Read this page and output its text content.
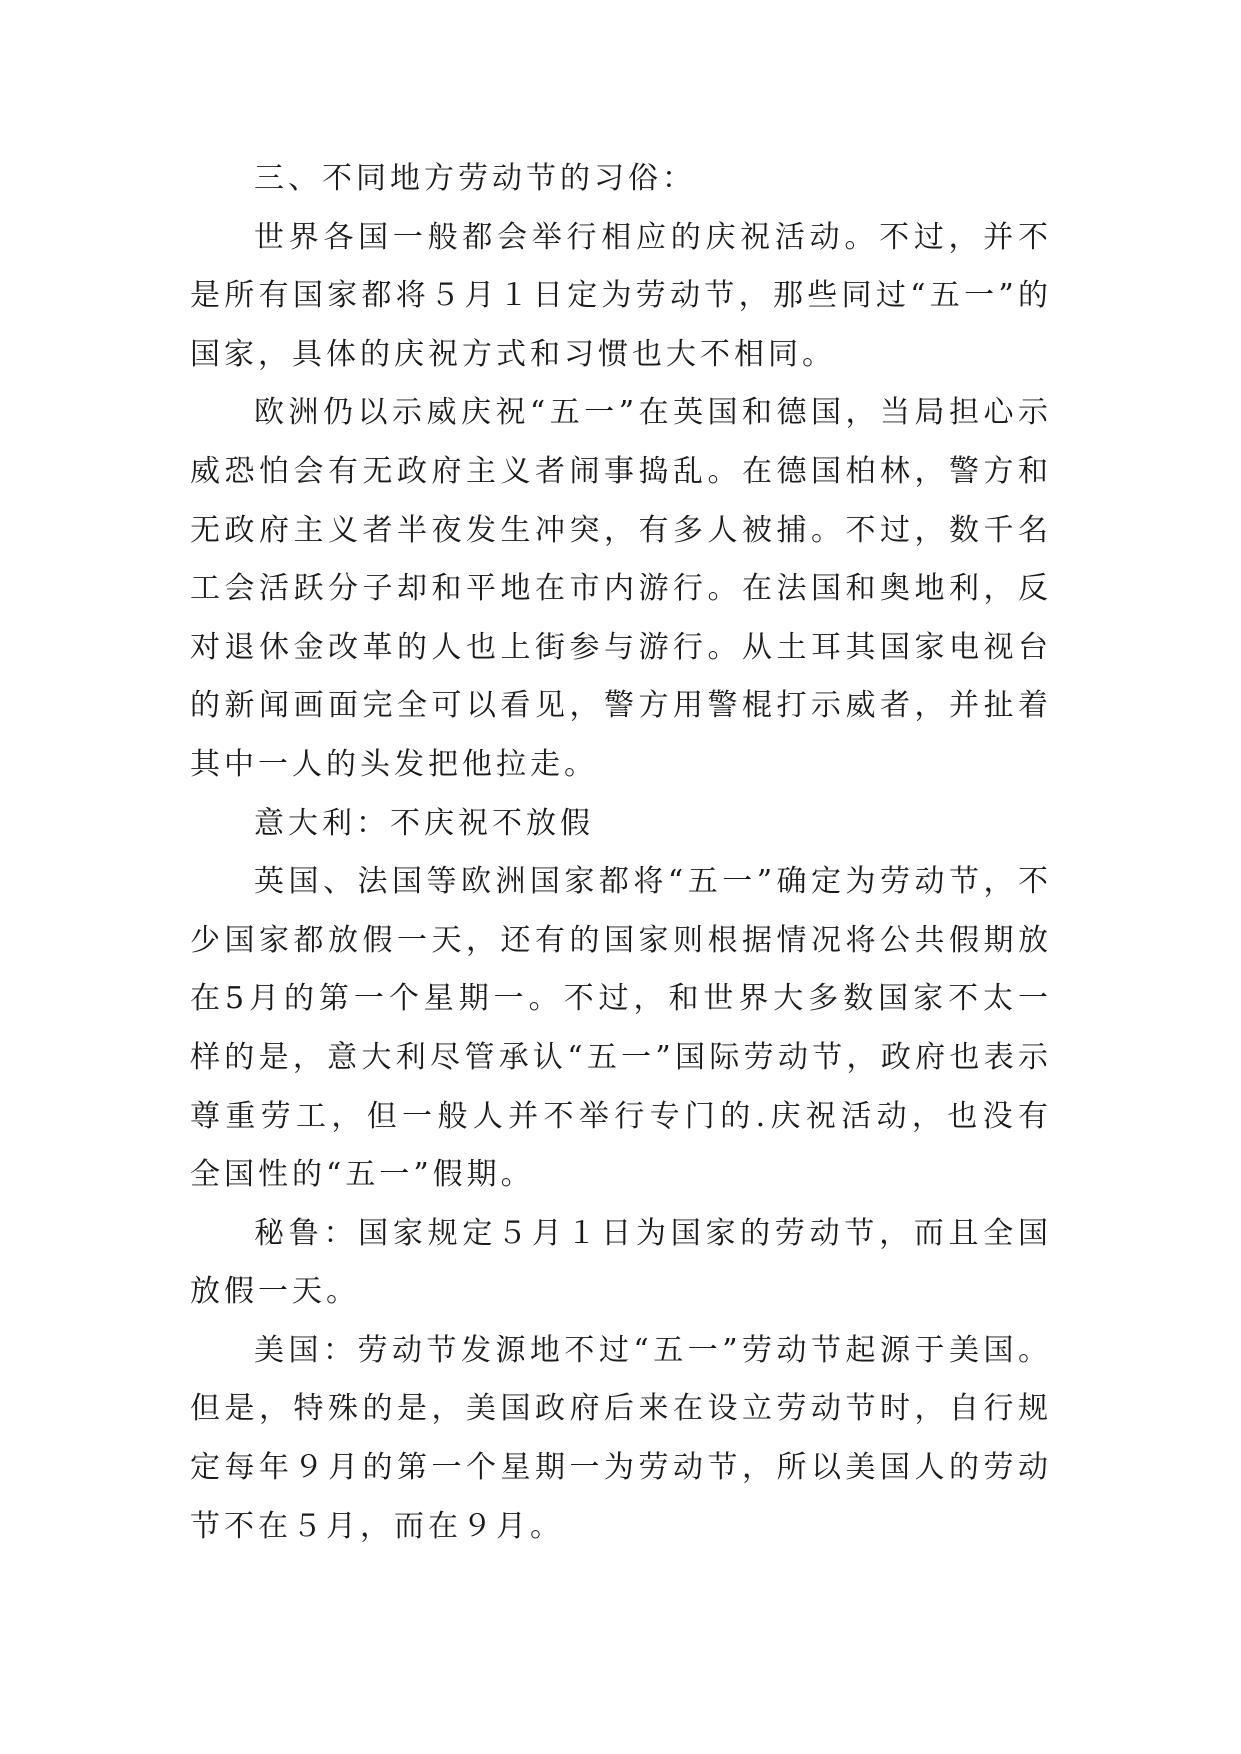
三、不同地方劳动节的习俗：

世界各国一般都会举行相应的庆祝活动。不过，并不是所有国家都将５月１日定为劳动节，那些同过“五一”的国家，具体的庆祝方式和习惯也大不相同。

欧洲仍以示威庆祝“五一”在英国和德国，当局担心示威恐怕会有无政府主义者闹事捣乱。在德国柏林，警方和无政府主义者半夜发生冲突，有多人被捕。不过，数千名工会活跃分子却和平地在市内游行。在法国和奥地利，反对退休金改革的人也上街参与游行。从土耳其国家电视台的新闻画面完全可以看见，警方用警棍打示威者，并扯着其中一人的头发把他拉走。

意大利：不庆祝不放假

英国、法国等欧洲国家都将“五一”确定为劳动节，不少国家都放假一天，还有的国家则根据情况将公共假期放在5月的第一个星期一。不过，和世界大多数国家不太一样的是，意大利尽管承认“五一”国际劳动节，政府也表示尊重劳工，但一般人并不举行专门的.庆祝活动，也没有全国性的“五一”假期。

秘鲁：国家规定５月１日为国家的劳动节，而且全国放假一天。

美国：劳动节发源地不过“五一”劳动节起源于美国。但是，特殊的是，美国政府后来在设立劳动节时，自行规定每年９月的第一个星期一为劳动节，所以美国人的劳动节不在５月，而在９月。
